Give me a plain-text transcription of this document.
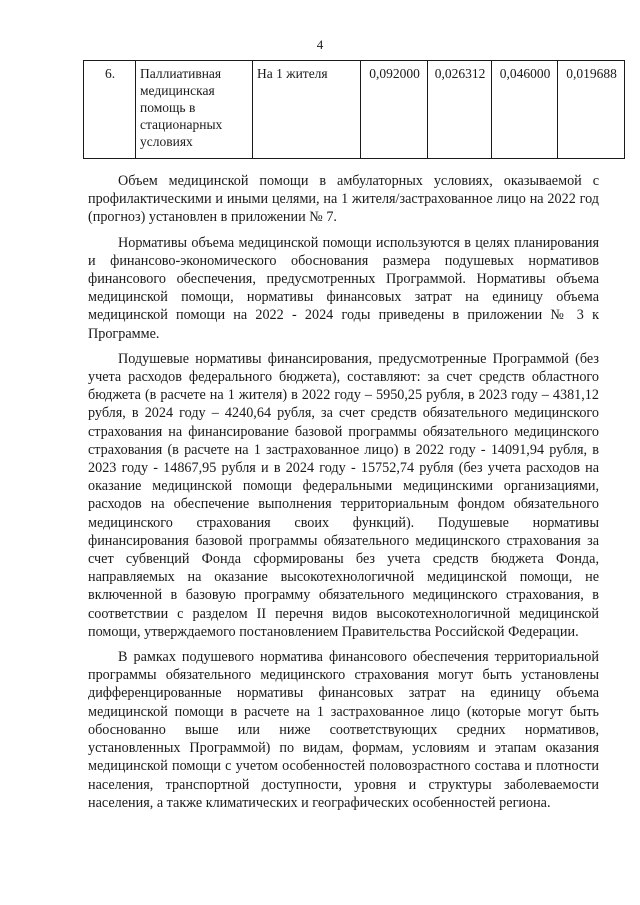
4
6.	Паллиативная медицинская помощь в стационарных условиях	На 1 жителя	0,092000	0,026312	0,046000	0,019688

Объем медицинской помощи в амбулаторных условиях, оказываемой с профилактическими и иными целями, на 1 жителя/застрахованное лицо на 2022 год (прогноз) установлен в приложении № 7.

Нормативы объема медицинской помощи используются в целях планирования и финансово-экономического обоснования размера подушевых нормативов финансового обеспечения, предусмотренных Программой. Нормативы объема медицинской помощи, нормативы финансовых затрат на единицу объема медицинской помощи на 2022 - 2024 годы приведены в приложении № 3 к Программе.

Подушевые нормативы финансирования, предусмотренные Программой (без учета расходов федерального бюджета), составляют: за счет средств областного бюджета (в расчете на 1 жителя) в 2022 году – 5950,25 рубля, в 2023 году – 4381,12 рубля, в 2024 году – 4240,64 рубля, за счет средств обязательного медицинского страхования на финансирование базовой программы обязательного медицинского страхования (в расчете на 1 застрахованное лицо) в 2022 году - 14091,94 рубля, в 2023 году - 14867,95 рубля и в 2024 году - 15752,74 рубля (без учета расходов на оказание медицинской помощи федеральными медицинскими организациями, расходов на обеспечение выполнения территориальным фондом обязательного медицинского страхования своих функций). Подушевые нормативы финансирования базовой программы обязательного медицинского страхования за счет субвенций Фонда сформированы без учета средств бюджета Фонда, направляемых на оказание высокотехнологичной медицинской помощи, не включенной в базовую программу обязательного медицинского страхования, в соответствии с разделом II перечня видов высокотехнологичной медицинской помощи, утверждаемого постановлением Правительства Российской Федерации.

В рамках подушевого норматива финансового обеспечения территориальной программы обязательного медицинского страхования могут быть установлены дифференцированные нормативы финансовых затрат на единицу объема медицинской помощи в расчете на 1 застрахованное лицо (которые могут быть обоснованно выше или ниже соответствующих средних нормативов, установленных Программой) по видам, формам, условиям и этапам оказания медицинской помощи с учетом особенностей половозрастного состава и плотности населения, транспортной доступности, уровня и структуры заболеваемости населения, а также климатических и географических особенностей региона.
